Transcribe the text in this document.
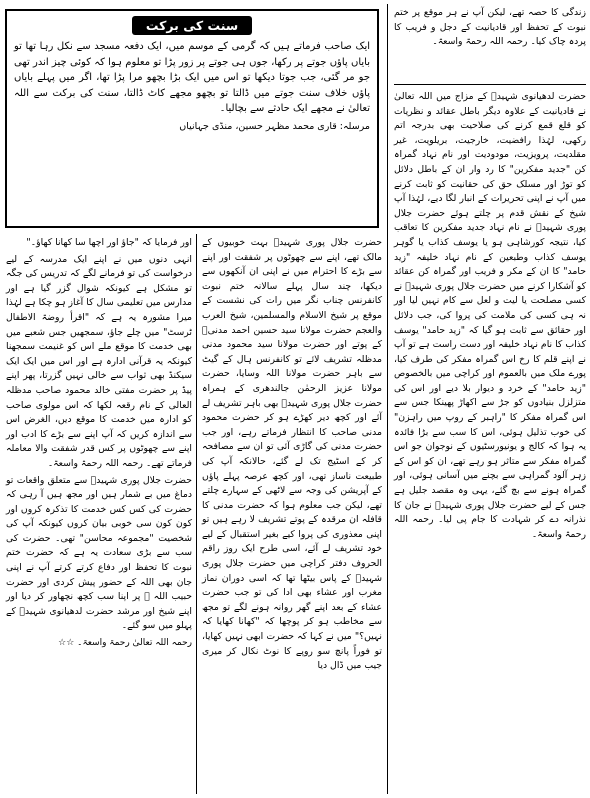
سنت کی برکت
ایک صاحب فرماتے ہیں کہ گرمی کے موسم میں، ایک دفعہ مسجد سے نکل رہا تھا تو بایاں پاؤں جوتے پر رکھا، جوں ہی جوتے پر زور پڑا تو معلوم ہوا کہ کوئی چیز اندر تھی جو مر گئی، جب جوتا دیکھا تو اس میں ایک بڑا بچھو مرا پڑا تھا، اگر میں پہلے بایاں پاؤں خلاف سنت جوتے میں ڈالتا تو بچھو مجھے کاٹ ڈالتا، سنت کی برکت سے اللہ تعالیٰ نے مجھے ایک حادثے سے بچالیا۔
مرسلہ: قاری محمد مظہر حسین، منڈی جہانیاں

زندگی کا حصہ تھے، لیکن آپ نے ہر موقع پر ختم نبوت کے تحفظ اور قادیانیت کے دجل و فریب کا پردہ چاک کیا۔ رحمہ اللہ رحمۃ واسعۃ۔

حضرت لدھیانوی شہیدؒ کے مزاج میں اللہ تعالیٰ نے قادیانیت کے علاوہ دیگر باطل عقائد و نظریات کو قلع قمع کرنے کی صلاحیت بھی بدرجہ اتم رکھی، لہٰذا رافضیت، خارجیت، بریلویت، غیر مقلدیت، پرویزیت، مودودیت اور نام نہاد گمراہ کن "جدید مفکرین" کا رد وار ان کے باطل دلائل کو توڑ اور مسلک حق کی حقانیت کو ثابت کرنے میں آپ نے اپنی تحریرات کے انبار لگا دیے، لہٰذا آپ شیخ کے نقش قدم پر چلتے ہوئے حضرت جلال پوری شہیدؒ نے نام نہاد جدید مفکرین کا تعاقب کیا، نتیجہ کورشاہی ہو یا یوسف کذاب یا گوہر یوسف کذاب وطبعین کے نام نہاد خلیفہ "زید حامد" کا ان کے مکر و فریب اور گمراہ کن عقائد کو آشکارا کرنے میں حضرت جلال پوری شہیدؒ نے کسی مصلحت یا لیت و لعل سے کام نہیں لیا اور نہ ہی کسی کی ملامت کی پروا کی، جب دلائل اور حقائق سے ثابت ہو گیا کہ "زید حامد" یوسف کذاب کا نام نہاد خلیفہ اور دست راست ہے تو آپ نے اپنے قلم کا رخ اس گمراہ مفکر کی طرف کیا، پورے ملک میں بالعموم اور کراچی میں بالخصوص "زید حامد" کے خرد و دیوار بلا دیے اور اس کی متزلزل بنیادوں کو جڑ سے اکھاڑ پھینکا جس سے اس گمراہ مفکر کا "راہبر کے روپ میں راہزن" کی خوب تذلیل ہوئی، اس کا سب سے بڑا فائدہ یہ ہوا کہ کالج و یونیورسٹیوں کے نوجوان جو اس گمراہ مفکر سے متاثر ہو رہے تھے، ان کو اس کے زہر آلود گمراہی سے بچنے میں آسانی ہوئی، اور گمراہ ہونے سے بچ گئے، یہی وہ مقصد جلیل ہے جس کے لیے حضرت جلال پوری شہیدؒ نے جان کا نذرانہ دے کر شہادت کا جام پی لیا۔ رحمہ اللہ رحمۃ واسعۃ۔

حضرت جلال پوری شہیدؒ بہت خوبیوں کے مالک تھے، اپنے سے چھوٹوں پر شفقت اور اپنے سے بڑے کا احترام میں نے اپنی ان آنکھوں سے دیکھا، چند سال پہلے سالانہ ختم نبوت کانفرنس چناب نگر میں رات کی نشست کے موقع پر شیخ الاسلام والمسلمین، شیخ العرب والعجم حضرت مولانا سید حسین احمد مدنیؒ کے پوتے اور حضرت مولانا سید محمود مدنی مدظلہ تشریف لائے تو کانفرنس ہال کے گیٹ سے باہر حضرت مولانا اللہ وسایا، حضرت مولانا عزیز الرحمٰن جالندھری کے ہمراہ حضرت جلال پوری شہیدؒ بھی باہر تشریف لے آئے اور کچھ دیر کھڑے ہو کر حضرت محمود مدنی صاحب کا انتظار فرماتے رہے، اور جب حضرت مدنی کی گاڑی آئی تو ان سے مصافحہ کر کے اسٹیج تک لے گئے، حالانکہ آپ کی طبیعت ناساز تھی، اور کچھ عرصہ پہلے پاؤں کے آپریشن کی وجہ سے لاٹھی کے سہارے چلتے تھے، لیکن جب معلوم ہوا کہ حضرت مدنی کا قافلہ ان مرقدہ کے پوتے تشریف لا رہے ہیں تو اپنی معذوری کی پروا کیے بغیر استقبال کے لیے خود تشریف لے آئے، اسی طرح ایک روز راقم الحروف دفتر کراچی میں حضرت جلال پوری شہیدؒ کے پاس بیٹھا تھا کہ اسی دوران نماز مغرب اور عشاء بھی ادا کی تو جب حضرت عشاء کے بعد اپنے گھر روانہ ہونے لگے تو مجھ سے مخاطب ہو کر پوچھا کہ "کھانا کھایا کہ نہیں؟" میں نے کہا کہ حضرت ابھی نہیں کھایا، تو فوراً پانچ سو روپے کا نوٹ نکال کر میری جیب میں ڈال دیا

اور فرمایا کہ "جاؤ اور اچھا سا کھانا کھاؤ۔"

انہی دنوں میں نے اپنے ایک مدرسہ کے لیے درخواست کی تو فرمانے لگے کہ تدریس کی جگہ تو مشکل ہے کیونکہ شوال گزر گیا ہے اور مدارس میں تعلیمی سال کا آغاز ہو چکا ہے لہٰذا میرا مشورہ یہ ہے کہ "اقرأ روضۃ الاطفال ٹرسٹ" میں چلے جاؤ، سمجھیں جس شعبے میں بھی خدمت کا موقع ملے اس کو غنیمت سمجھنا کیونکہ یہ قرآنی ادارہ ہے اور اس میں ایک ایک سیکنڈ بھی ثواب سے خالی نہیں گزرتا، پھر اپنے پیڈ پر حضرت مفتی خالد محمود صاحب مدظلہ العالی کے نام رقعہ لکھا کہ اس مولوی صاحب کو ادارہ میں خدمت کا موقع دیں، الغرض اس سے اندازہ کریں کہ آپ اپنے سے بڑے کا ادب اور اپنے سے چھوٹوں پر کس قدر شفقت والا معاملہ فرماتے تھے۔ رحمہ اللہ رحمۃ واسعۃ۔

حضرت جلال پوری شہیدؒ سے متعلق واقعات تو دماغ میں بے شمار ہیں اور مجھ ہیں آ رہی کہ حضرت کی کس کس خدمت کا تذکرہ کروں اور کون کون سی خوبی بیان کروں کیونکہ آپ کی شخصیت "مجموعہ محاسن" تھی۔ حضرت کی سب سے بڑی سعادت یہ ہے کہ حضرت ختم نبوت کا تحفظ اور دفاع کرتے کرتے آپ نے اپنی جان بھی اللہ کے حضور پیش کردی اور حضرت حبیب اللہ ﷺ پر اپنا سب کچھ نچھاور کر دیا اور اپنے شیخ اور مرشد حضرت لدھیانوی شہیدؒ کے پہلو میں سو گئے۔

رحمہ اللہ تعالیٰ رحمۃ واسعۃ۔ ☆☆
